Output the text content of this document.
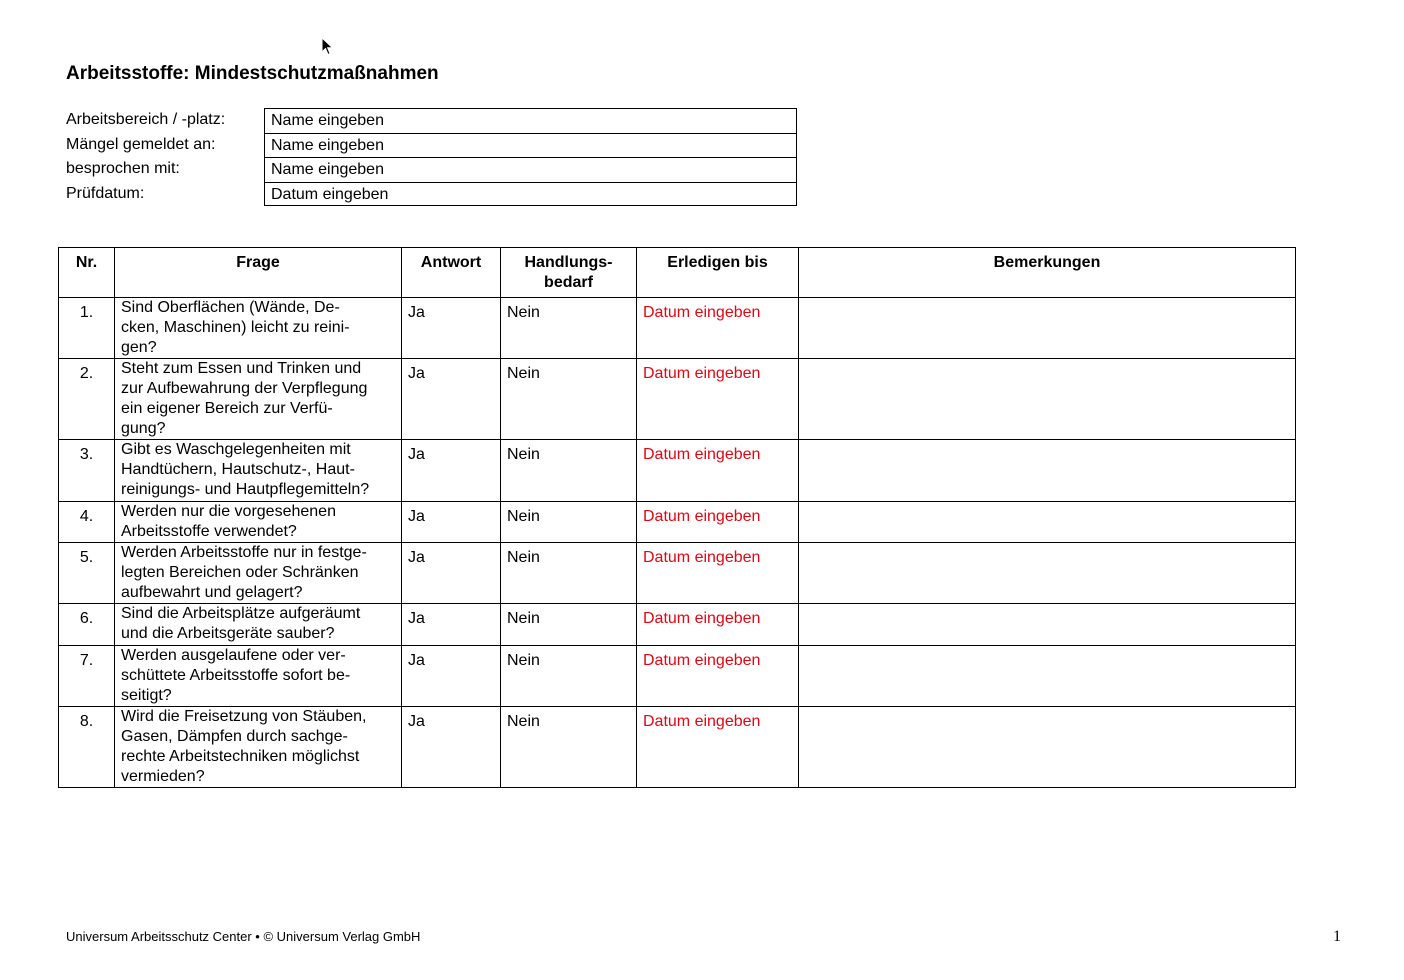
Arbeitsstoffe: Mindestschutzmaßnahmen
Arbeitsbereich / -platz:	Name eingeben
Mängel gemeldet an:	Name eingeben
besprochen mit:	Name eingeben
Prüfdatum:	Datum eingeben
Nr.	Frage	Antwort	Handlungs-
bedarf	Erledigen bis	Bemerkungen
1.	Sind Oberflächen (Wände, De-
cken, Maschinen) leicht zu reini-
gen?	Ja	Nein	Datum eingeben	
2.	Steht zum Essen und Trinken und
zur Aufbewahrung der Verpflegung
ein eigener Bereich zur Verfü-
gung?	Ja	Nein	Datum eingeben	
3.	Gibt es Waschgelegenheiten mit
Handtüchern, Hautschutz-, Haut-
reinigungs- und Hautpflegemitteln?	Ja	Nein	Datum eingeben	
4.	Werden nur die vorgesehenen
Arbeitsstoffe verwendet?	Ja	Nein	Datum eingeben	
5.	Werden Arbeitsstoffe nur in festge-
legten Bereichen oder Schränken
aufbewahrt und gelagert?	Ja	Nein	Datum eingeben	
6.	Sind die Arbeitsplätze aufgeräumt
und die Arbeitsgeräte sauber?	Ja	Nein	Datum eingeben	
7.	Werden ausgelaufene oder ver-
schüttete Arbeitsstoffe sofort be-
seitigt?	Ja	Nein	Datum eingeben	
8.	Wird die Freisetzung von Stäuben,
Gasen, Dämpfen durch sachge-
rechte Arbeitstechniken möglichst
vermieden?	Ja	Nein	Datum eingeben	
Universum Arbeitsschutz Center • © Universum Verlag GmbH	1
